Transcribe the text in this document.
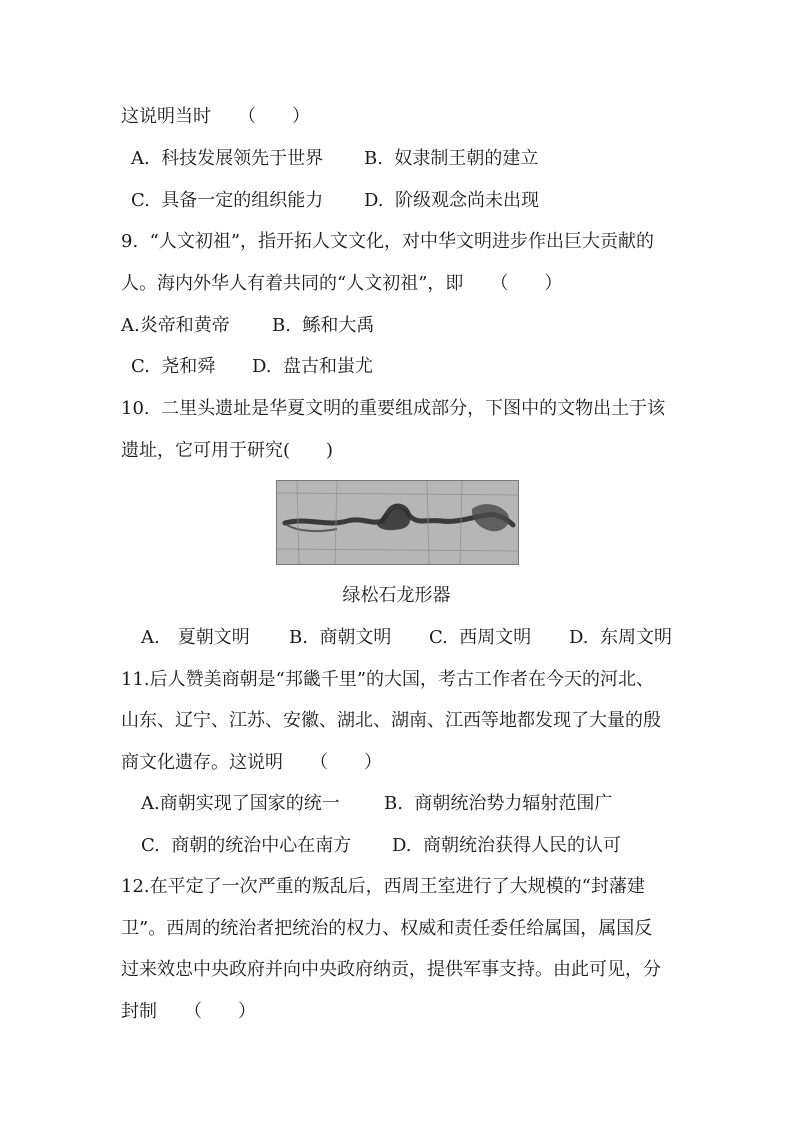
这说明当时　　（　　）
A.  科技发展领先于世界 B.  奴隶制王朝的建立
C.  具备一定的组织能力 D.  阶级观念尚未出现
9.  “人文初祖”，指开拓人文文化，对中华文明进步作出巨大贡献的
人。海内外华人有着共同的“人文初祖”，即　　（　　）
A.炎帝和黄帝 B.  鲧和大禹
C.  尧和舜 D.  盘古和蚩尤
10.  二里头遗址是华夏文明的重要组成部分，下图中的文物出土于该
遗址，它可用于研究(　　)
绿松石龙形器
A.　夏朝文明 B.  商朝文明 C.  西周文明 D.  东周文明
11.后人赞美商朝是“邦畿千里”的大国，考古工作者在今天的河北、
山东、辽宁、江苏、安徽、湖北、湖南、江西等地都发现了大量的殷
商文化遗存。这说明　　（　　）
A.商朝实现了国家的统一 B.  商朝统治势力辐射范围广
C.  商朝的统治中心在南方 D.  商朝统治获得人民的认可
12.在平定了一次严重的叛乱后，西周王室进行了大规模的“封藩建
卫”。西周的统治者把统治的权力、权威和责任委任给属国，属国反
过来效忠中央政府并向中央政府纳贡，提供军事支持。由此可见，分
封制　　（　　）
